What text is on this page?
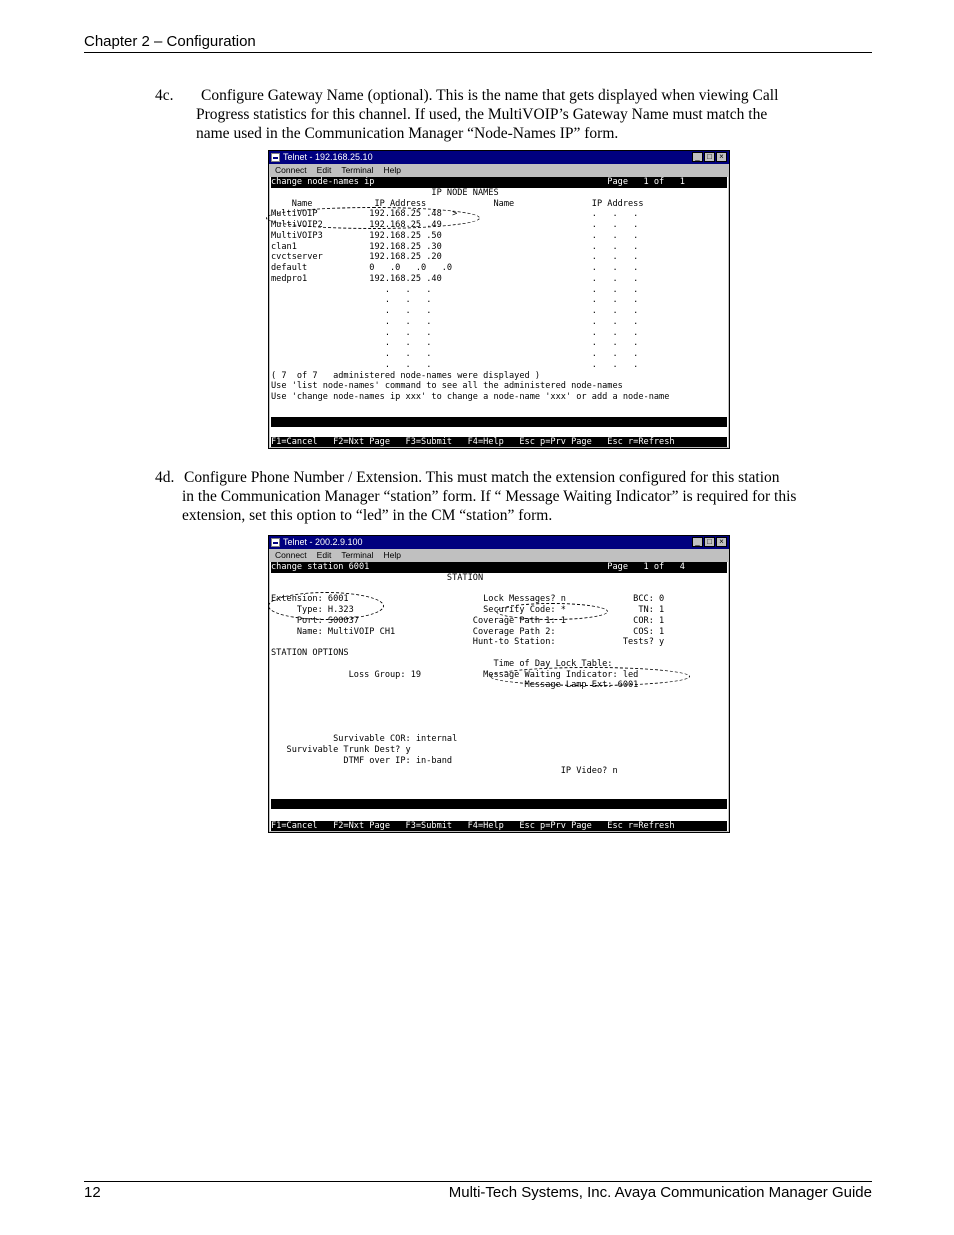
Chapter 2 – Configuration
4c. Configure Gateway Name (optional). This is the name that gets displayed when viewing Call
Progress statistics for this channel. If used, the MultiVOIP’s Gateway Name must match the
name used in the Communication Manager “Node-Names IP” form.
Telnet - 192.168.25.10	_ □ ×
Connect Edit Terminal Help
change node-names ip                                             Page   1 of   1
IP NODE NAMES
Name            IP Address             Name               IP Address
MultiVOIP          192.168.25 .48  >                          .   .   .
MultiVOIP2         192.168.25 .49                             .   .   .
MultiVOIP3         192.168.25 .50                             .   .   .
clan1              192.168.25 .30                             .   .   .
cvctserver         192.168.25 .20                             .   .   .
default            0   .0   .0   .0                           .   .   .
medpro1            192.168.25 .40                             .   .   .
.   .   .                               .   .   .
.   .   .                               .   .   .
.   .   .                               .   .   .
.   .   .                               .   .   .
.   .   .                               .   .   .
.   .   .                               .   .   .
.   .   .                               .   .   .
.   .   .                               .   .   .
( 7  of 7   administered node-names were displayed )
Use 'list node-names' command to see all the administered node-names
Use 'change node-names ip xxx' to change a node-name 'xxx' or add a node-name
F1=Cancel   F2=Nxt Page   F3=Submit   F4=Help   Esc p=Prv Page   Esc r=Refresh
4d. Configure Phone Number / Extension. This must match the extension configured for this station
in the Communication Manager “station” form. If “ Message Waiting Indicator” is required for this
extension, set this option to “led” in the CM “station” form.
Telnet - 200.2.9.100	_ □ ×
Connect Edit Terminal Help
change station 6001                                              Page   1 of   4
STATION
Extension: 6001                          Lock Messages? n             BCC: 0
Type: H.323                         Security Code: *              TN: 1
Port: S00037                      Coverage Path 1: 1             COR: 1
Name: MultiVOIP CH1               Coverage Path 2:               COS: 1
Hunt-to Station:             Tests? y
STATION OPTIONS
Time of Day Lock Table:
Loss Group: 19            Message Waiting Indicator: led
Message Lamp Ext: 6001
Survivable COR: internal
Survivable Trunk Dest? y
DTMF over IP: in-band
IP Video? n
F1=Cancel   F2=Nxt Page   F3=Submit   F4=Help   Esc p=Prv Page   Esc r=Refresh
12	Multi-Tech Systems, Inc. Avaya Communication Manager Guide
